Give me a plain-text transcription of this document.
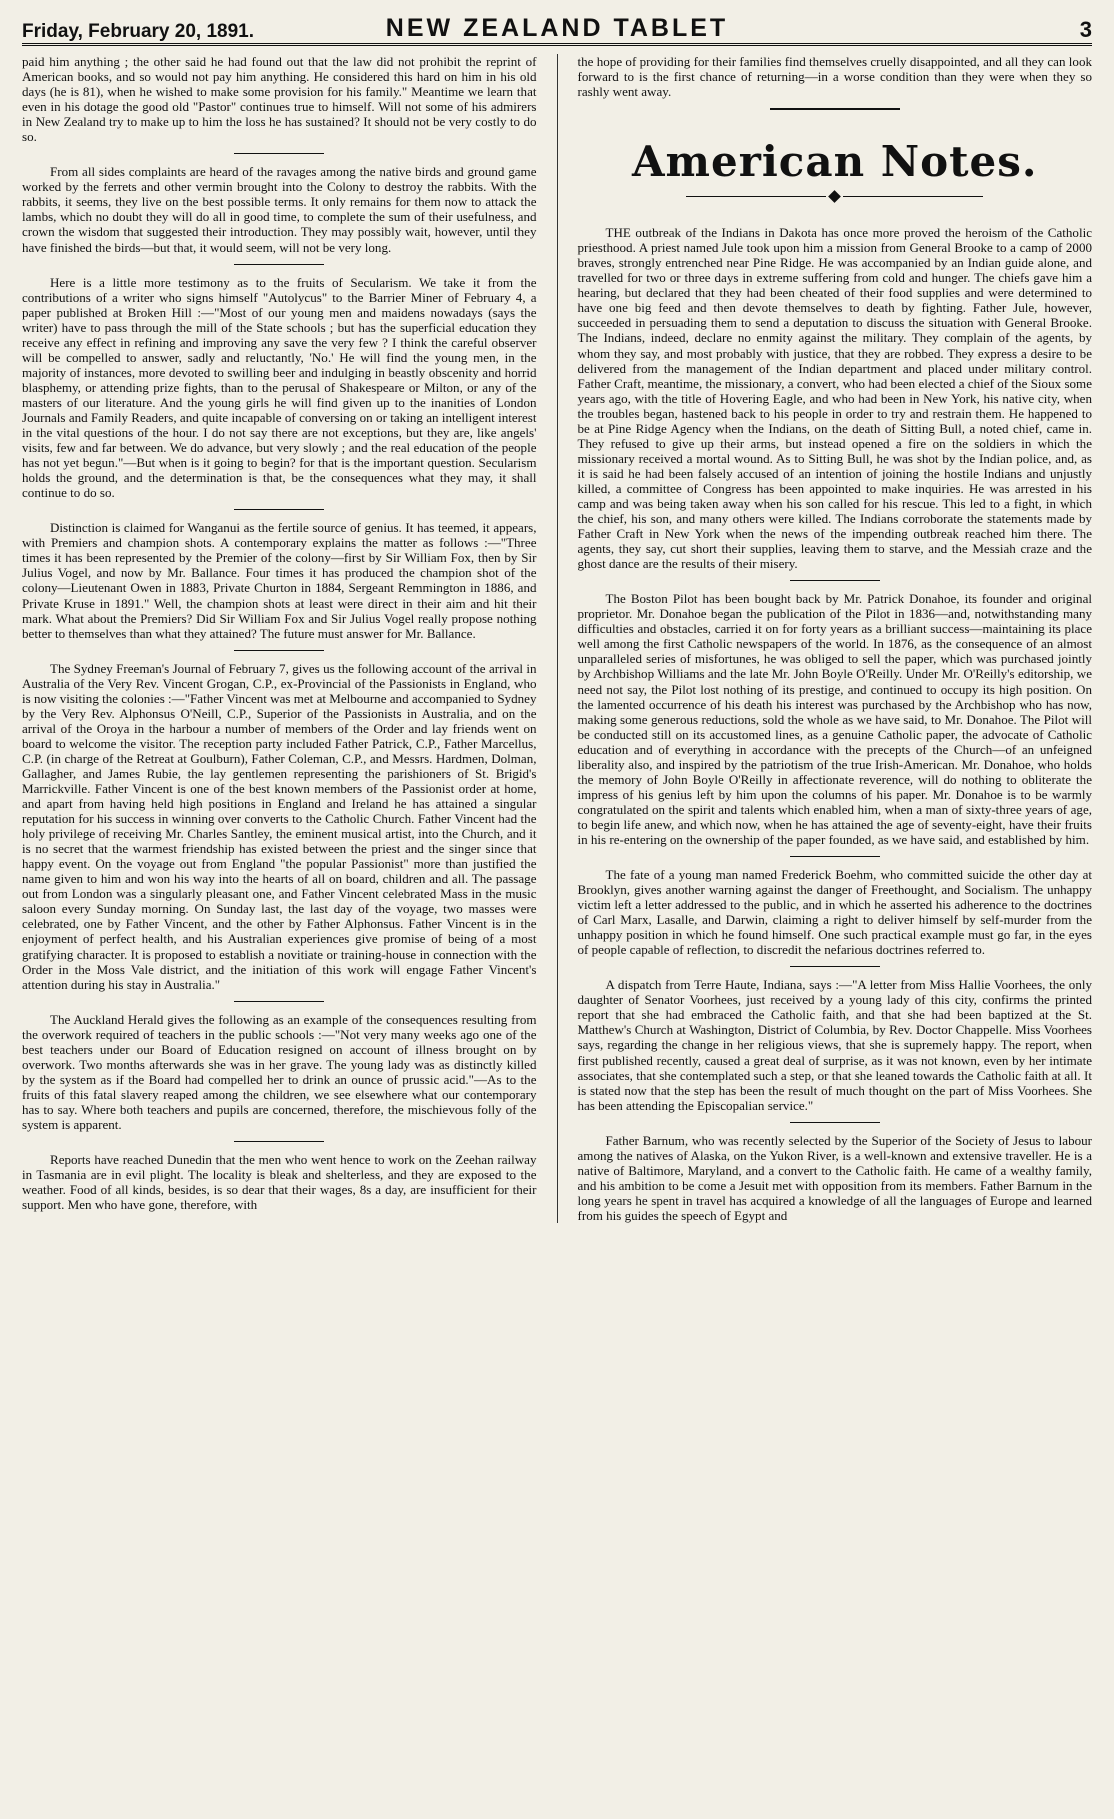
Friday, February 20, 1891.	NEW ZEALAND TABLET	3

paid him anything ; the other said he had found out that the law did not prohibit the reprint of American books, and so would not pay him anything. He considered this hard on him in his old days (he is 81), when he wished to make some provision for his family." Meantime we learn that even in his dotage the good old "Pastor" continues true to himself. Will not some of his admirers in New Zealand try to make up to him the loss he has sustained? It should not be very costly to do so.

From all sides complaints are heard of the ravages among the native birds and ground game worked by the ferrets and other vermin brought into the Colony to destroy the rabbits. With the rabbits, it seems, they live on the best possible terms. It only remains for them now to attack the lambs, which no doubt they will do all in good time, to complete the sum of their usefulness, and crown the wisdom that suggested their introduction. They may possibly wait, however, until they have finished the birds—but that, it would seem, will not be very long.

Here is a little more testimony as to the fruits of Secularism. We take it from the contributions of a writer who signs himself "Autolycus" to the Barrier Miner of February 4, a paper published at Broken Hill :—"Most of our young men and maidens nowadays (says the writer) have to pass through the mill of the State schools ; but has the superficial education they receive any effect in refining and improving any save the very few ? I think the careful observer will be compelled to answer, sadly and reluctantly, 'No.' He will find the young men, in the majority of instances, more devoted to swilling beer and indulging in beastly obscenity and horrid blasphemy, or attending prize fights, than to the perusal of Shakespeare or Milton, or any of the masters of our literature. And the young girls he will find given up to the inanities of London Journals and Family Readers, and quite incapable of conversing on or taking an intelligent interest in the vital questions of the hour. I do not say there are not exceptions, but they are, like angels' visits, few and far between. We do advance, but very slowly ; and the real education of the people has not yet begun."—But when is it going to begin? for that is the important question. Secularism holds the ground, and the determination is that, be the consequences what they may, it shall continue to do so.

Distinction is claimed for Wanganui as the fertile source of genius. It has teemed, it appears, with Premiers and champion shots. A contemporary explains the matter as follows :—"Three times it has been represented by the Premier of the colony—first by Sir William Fox, then by Sir Julius Vogel, and now by Mr. Ballance. Four times it has produced the champion shot of the colony—Lieutenant Owen in 1883, Private Churton in 1884, Sergeant Remmington in 1886, and Private Kruse in 1891." Well, the champion shots at least were direct in their aim and hit their mark. What about the Premiers? Did Sir William Fox and Sir Julius Vogel really propose nothing better to themselves than what they attained? The future must answer for Mr. Ballance.

The Sydney Freeman's Journal of February 7, gives us the following account of the arrival in Australia of the Very Rev. Vincent Grogan, C.P., ex-Provincial of the Passionists in England, who is now visiting the colonies :—"Father Vincent was met at Melbourne and accompanied to Sydney by the Very Rev. Alphonsus O'Neill, C.P., Superior of the Passionists in Australia, and on the arrival of the Oroya in the harbour a number of members of the Order and lay friends went on board to welcome the visitor. The reception party included Father Patrick, C.P., Father Marcellus, C.P. (in charge of the Retreat at Goulburn), Father Coleman, C.P., and Messrs. Hardmen, Dolman, Gallagher, and James Rubie, the lay gentlemen representing the parishioners of St. Brigid's Marrickville. Father Vincent is one of the best known members of the Passionist order at home, and apart from having held high positions in England and Ireland he has attained a singular reputation for his success in winning over converts to the Catholic Church. Father Vincent had the holy privilege of receiving Mr. Charles Santley, the eminent musical artist, into the Church, and it is no secret that the warmest friendship has existed between the priest and the singer since that happy event. On the voyage out from England "the popular Passionist" more than justified the name given to him and won his way into the hearts of all on board, children and all. The passage out from London was a singularly pleasant one, and Father Vincent celebrated Mass in the music saloon every Sunday morning. On Sunday last, the last day of the voyage, two masses were celebrated, one by Father Vincent, and the other by Father Alphonsus. Father Vincent is in the enjoyment of perfect health, and his Australian experiences give promise of being of a most gratifying character. It is proposed to establish a novitiate or training-house in connection with the Order in the Moss Vale district, and the initiation of this work will engage Father Vincent's attention during his stay in Australia."

The Auckland Herald gives the following as an example of the consequences resulting from the overwork required of teachers in the public schools :—"Not very many weeks ago one of the best teachers under our Board of Education resigned on account of illness brought on by overwork. Two months afterwards she was in her grave. The young lady was as distinctly killed by the system as if the Board had compelled her to drink an ounce of prussic acid."—As to the fruits of this fatal slavery reaped among the children, we see elsewhere what our contemporary has to say. Where both teachers and pupils are concerned, therefore, the mischievous folly of the system is apparent.

Reports have reached Dunedin that the men who went hence to work on the Zeehan railway in Tasmania are in evil plight. The locality is bleak and shelterless, and they are exposed to the weather. Food of all kinds, besides, is so dear that their wages, 8s a day, are insufficient for their support. Men who have gone, therefore, with

the hope of providing for their families find themselves cruelly disappointed, and all they can look forward to is the first chance of returning—in a worse condition than they were when they so rashly went away.

American Notes.

THE outbreak of the Indians in Dakota has once more proved the heroism of the Catholic priesthood. A priest named Jule took upon him a mission from General Brooke to a camp of 2000 braves, strongly entrenched near Pine Ridge. He was accompanied by an Indian guide alone, and travelled for two or three days in extreme suffering from cold and hunger. The chiefs gave him a hearing, but declared that they had been cheated of their food supplies and were determined to have one big feed and then devote themselves to death by fighting. Father Jule, however, succeeded in persuading them to send a deputation to discuss the situation with General Brooke. The Indians, indeed, declare no enmity against the military. They complain of the agents, by whom they say, and most probably with justice, that they are robbed. They express a desire to be delivered from the management of the Indian department and placed under military control. Father Craft, meantime, the missionary, a convert, who had been elected a chief of the Sioux some years ago, with the title of Hovering Eagle, and who had been in New York, his native city, when the troubles began, hastened back to his people in order to try and restrain them. He happened to be at Pine Ridge Agency when the Indians, on the death of Sitting Bull, a noted chief, came in. They refused to give up their arms, but instead opened a fire on the soldiers in which the missionary received a mortal wound. As to Sitting Bull, he was shot by the Indian police, and, as it is said he had been falsely accused of an intention of joining the hostile Indians and unjustly killed, a committee of Congress has been appointed to make inquiries. He was arrested in his camp and was being taken away when his son called for his rescue. This led to a fight, in which the chief, his son, and many others were killed. The Indians corroborate the statements made by Father Craft in New York when the news of the impending outbreak reached him there. The agents, they say, cut short their supplies, leaving them to starve, and the Messiah craze and the ghost dance are the results of their misery.

The Boston Pilot has been bought back by Mr. Patrick Donahoe, its founder and original proprietor. Mr. Donahoe began the publication of the Pilot in 1836—and, notwithstanding many difficulties and obstacles, carried it on for forty years as a brilliant success—maintaining its place well among the first Catholic newspapers of the world. In 1876, as the consequence of an almost unparalleled series of misfortunes, he was obliged to sell the paper, which was purchased jointly by Archbishop Williams and the late Mr. John Boyle O'Reilly. Under Mr. O'Reilly's editorship, we need not say, the Pilot lost nothing of its prestige, and continued to occupy its high position. On the lamented occurrence of his death his interest was purchased by the Archbishop who has now, making some generous reductions, sold the whole as we have said, to Mr. Donahoe. The Pilot will be conducted still on its accustomed lines, as a genuine Catholic paper, the advocate of Catholic education and of everything in accordance with the precepts of the Church—of an unfeigned liberality also, and inspired by the patriotism of the true Irish-American. Mr. Donahoe, who holds the memory of John Boyle O'Reilly in affectionate reverence, will do nothing to obliterate the impress of his genius left by him upon the columns of his paper. Mr. Donahoe is to be warmly congratulated on the spirit and talents which enabled him, when a man of sixty-three years of age, to begin life anew, and which now, when he has attained the age of seventy-eight, have their fruits in his re-entering on the ownership of the paper founded, as we have said, and established by him.

The fate of a young man named Frederick Boehm, who committed suicide the other day at Brooklyn, gives another warning against the danger of Freethought, and Socialism. The unhappy victim left a letter addressed to the public, and in which he asserted his adherence to the doctrines of Carl Marx, Lasalle, and Darwin, claiming a right to deliver himself by self-murder from the unhappy position in which he found himself. One such practical example must go far, in the eyes of people capable of reflection, to discredit the nefarious doctrines referred to.

A dispatch from Terre Haute, Indiana, says :—"A letter from Miss Hallie Voorhees, the only daughter of Senator Voorhees, just received by a young lady of this city, confirms the printed report that she had embraced the Catholic faith, and that she had been baptized at the St. Matthew's Church at Washington, District of Columbia, by Rev. Doctor Chappelle. Miss Voorhees says, regarding the change in her religious views, that she is supremely happy. The report, when first published recently, caused a great deal of surprise, as it was not known, even by her intimate associates, that she contemplated such a step, or that she leaned towards the Catholic faith at all. It is stated now that the step has been the result of much thought on the part of Miss Voorhees. She has been attending the Episcopalian service."

Father Barnum, who was recently selected by the Superior of the Society of Jesus to labour among the natives of Alaska, on the Yukon River, is a well-known and extensive traveller. He is a native of Baltimore, Maryland, and a convert to the Catholic faith. He came of a wealthy family, and his ambition to be come a Jesuit met with opposition from its members. Father Barnum in the long years he spent in travel has acquired a knowledge of all the languages of Europe and learned from his guides the speech of Egypt and
